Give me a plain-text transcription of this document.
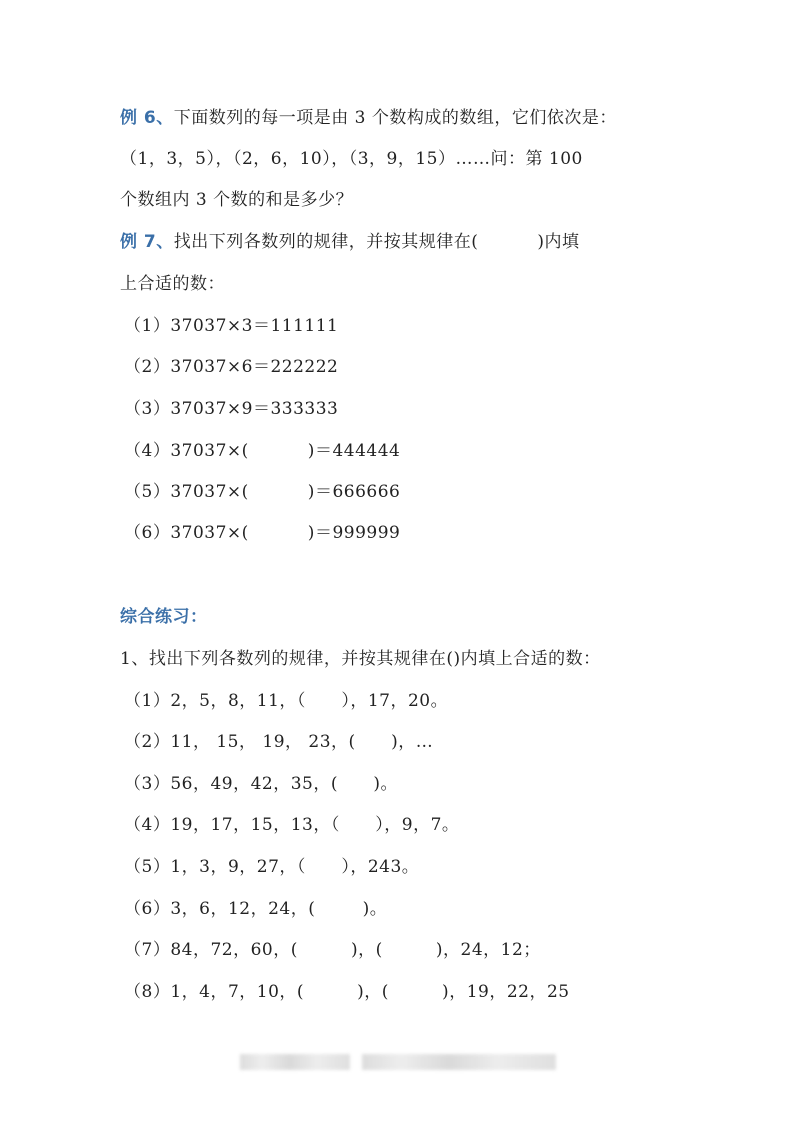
例 6、下面数列的每一项是由 3 个数构成的数组，它们依次是：
（1，3，5），（2，6，10），（3，9，15）……问：第 100
个数组内 3 个数的和是多少？
例 7、找出下列各数列的规律，并按其规律在(          )内填
上合适的数：
（1）37037×3＝111111
（2）37037×6＝222222
（3）37037×9＝333333
（4）37037×(          )＝444444
（5）37037×(          )＝666666
（6）37037×(          )＝999999
综合练习：
1、找出下列各数列的规律，并按其规律在()内填上合适的数：
（1）2，5，8，11，（      ），17，20。
（2）11， 15， 19， 23，(      )，…
（3）56，49，42，35，(      )。
（4）19，17，15，13，（      ），9，7。
（5）1，3，9，27，（      ），243。
（6）3，6，12，24，(        )。
（7）84，72，60，(         )，(         )，24，12；
（8）1，4，7，10，(         )，(         )，19，22，25
